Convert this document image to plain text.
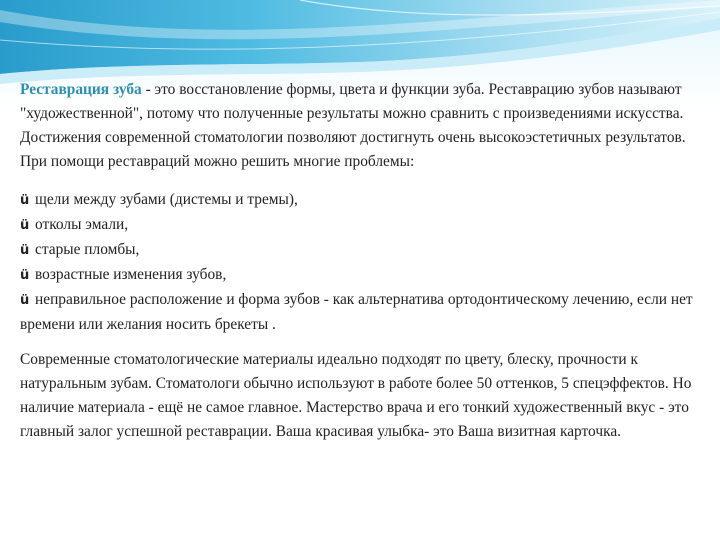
Реставрация зуба - это восстановление формы, цвета и функции зуба. Реставрацию зубов называют "художественной", потому что полученные результаты можно сравнить с произведениями искусства. Достижения современной стоматологии позволяют достигнуть очень высокоэстетичных результатов. При помощи реставраций можно решить многие проблемы:

ü щели между зубами (дистемы и тремы),
ü отколы эмали,
ü старые пломбы,
ü возрастные изменения зубов,
ü неправильное расположение и форма зубов - как альтернатива ортодонтическому лечению, если нет времени или желания носить брекеты .

Современные стоматологические материалы идеально подходят по цвету, блеску, прочности к натуральным зубам. Стоматологи обычно используют в работе более 50 оттенков, 5 спецэффектов. Но наличие материала - ещё не самое главное. Мастерство врача и его тонкий художественный вкус - это главный залог успешной реставрации. Ваша красивая улыбка- это Ваша визитная карточка.
